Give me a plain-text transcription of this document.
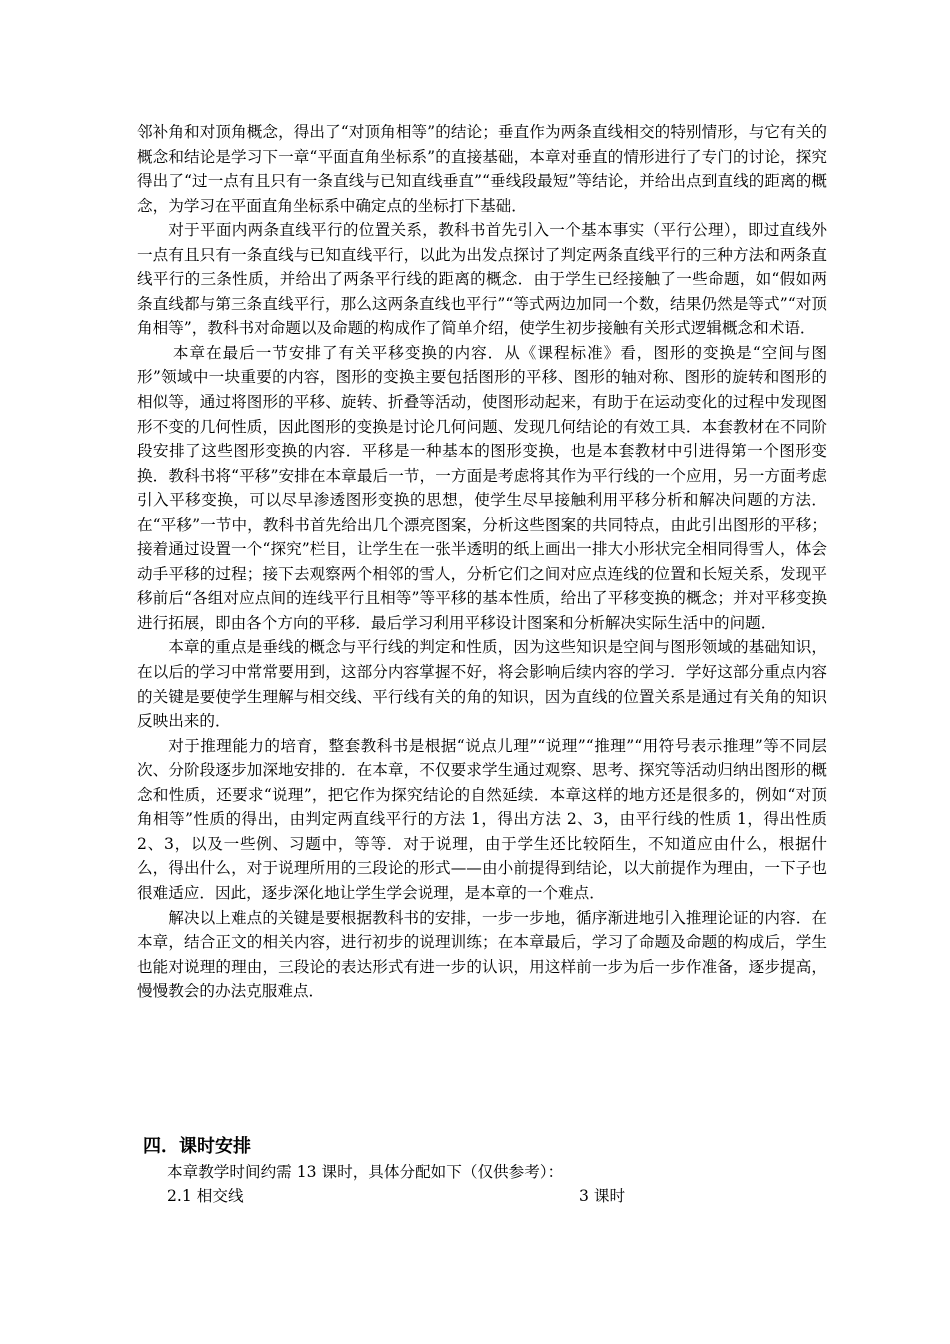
邻补角和对顶角概念，得出了“对顶角相等”的结论；垂直作为两条直线相交的特别情形，与它有关的概念和结论是学习下一章“平面直角坐标系”的直接基础，本章对垂直的情形进行了专门的讨论，探究得出了“过一点有且只有一条直线与已知直线垂直”“垂线段最短”等结论，并给出点到直线的距离的概念，为学习在平面直角坐标系中确定点的坐标打下基础．

对于平面内两条直线平行的位置关系，教科书首先引入一个基本事实（平行公理），即过直线外一点有且只有一条直线与已知直线平行，以此为出发点探讨了判定两条直线平行的三种方法和两条直线平行的三条性质，并给出了两条平行线的距离的概念．由于学生已经接触了一些命题，如“假如两条直线都与第三条直线平行，那么这两条直线也平行”“等式两边加同一个数，结果仍然是等式”“对顶角相等”，教科书对命题以及命题的构成作了简单介绍，使学生初步接触有关形式逻辑概念和术语．

本章在最后一节安排了有关平移变换的内容．从《课程标准》看，图形的变换是“空间与图形”领域中一块重要的内容，图形的变换主要包括图形的平移、图形的轴对称、图形的旋转和图形的相似等，通过将图形的平移、旋转、折叠等活动，使图形动起来，有助于在运动变化的过程中发现图形不变的几何性质，因此图形的变换是讨论几何问题、发现几何结论的有效工具．本套教材在不同阶段安排了这些图形变换的内容．平移是一种基本的图形变换，也是本套教材中引进得第一个图形变换．教科书将“平移”安排在本章最后一节，一方面是考虑将其作为平行线的一个应用，另一方面考虑引入平移变换，可以尽早渗透图形变换的思想，使学生尽早接触利用平移分析和解决问题的方法．在“平移”一节中，教科书首先给出几个漂亮图案，分析这些图案的共同特点，由此引出图形的平移；接着通过设置一个“探究”栏目，让学生在一张半透明的纸上画出一排大小形状完全相同得雪人，体会动手平移的过程；接下去观察两个相邻的雪人，分析它们之间对应点连线的位置和长短关系，发现平移前后“各组对应点间的连线平行且相等”等平移的基本性质，给出了平移变换的概念；并对平移变换进行拓展，即由各个方向的平移．最后学习利用平移设计图案和分析解决实际生活中的问题．

本章的重点是垂线的概念与平行线的判定和性质，因为这些知识是空间与图形领域的基础知识，在以后的学习中常常要用到，这部分内容掌握不好，将会影响后续内容的学习．学好这部分重点内容的关键是要使学生理解与相交线、平行线有关的角的知识，因为直线的位置关系是通过有关角的知识反映出来的．

对于推理能力的培育，整套教科书是根据“说点儿理”“说理”“推理”“用符号表示推理”等不同层次、分阶段逐步加深地安排的．在本章，不仅要求学生通过观察、思考、探究等活动归纳出图形的概念和性质，还要求“说理”，把它作为探究结论的自然延续．本章这样的地方还是很多的，例如“对顶角相等”性质的得出，由判定两直线平行的方法 1，得出方法 2、3，由平行线的性质 1，得出性质 2、3，以及一些例、习题中，等等．对于说理，由于学生还比较陌生，不知道应由什么，根据什么，得出什么，对于说理所用的三段论的形式——由小前提得到结论，以大前提作为理由，一下子也很难适应．因此，逐步深化地让学生学会说理，是本章的一个难点．

解决以上难点的关键是要根据教科书的安排，一步一步地，循序渐进地引入推理论证的内容．在本章，结合正文的相关内容，进行初步的说理训练；在本章最后，学习了命题及命题的构成后，学生也能对说理的理由，三段论的表达形式有进一步的认识，用这样前一步为后一步作准备，逐步提高，慢慢教会的办法克服难点．

四．课时安排
本章教学时间约需 13 课时，具体分配如下（仅供参考）：
2.1 相交线	3 课时
